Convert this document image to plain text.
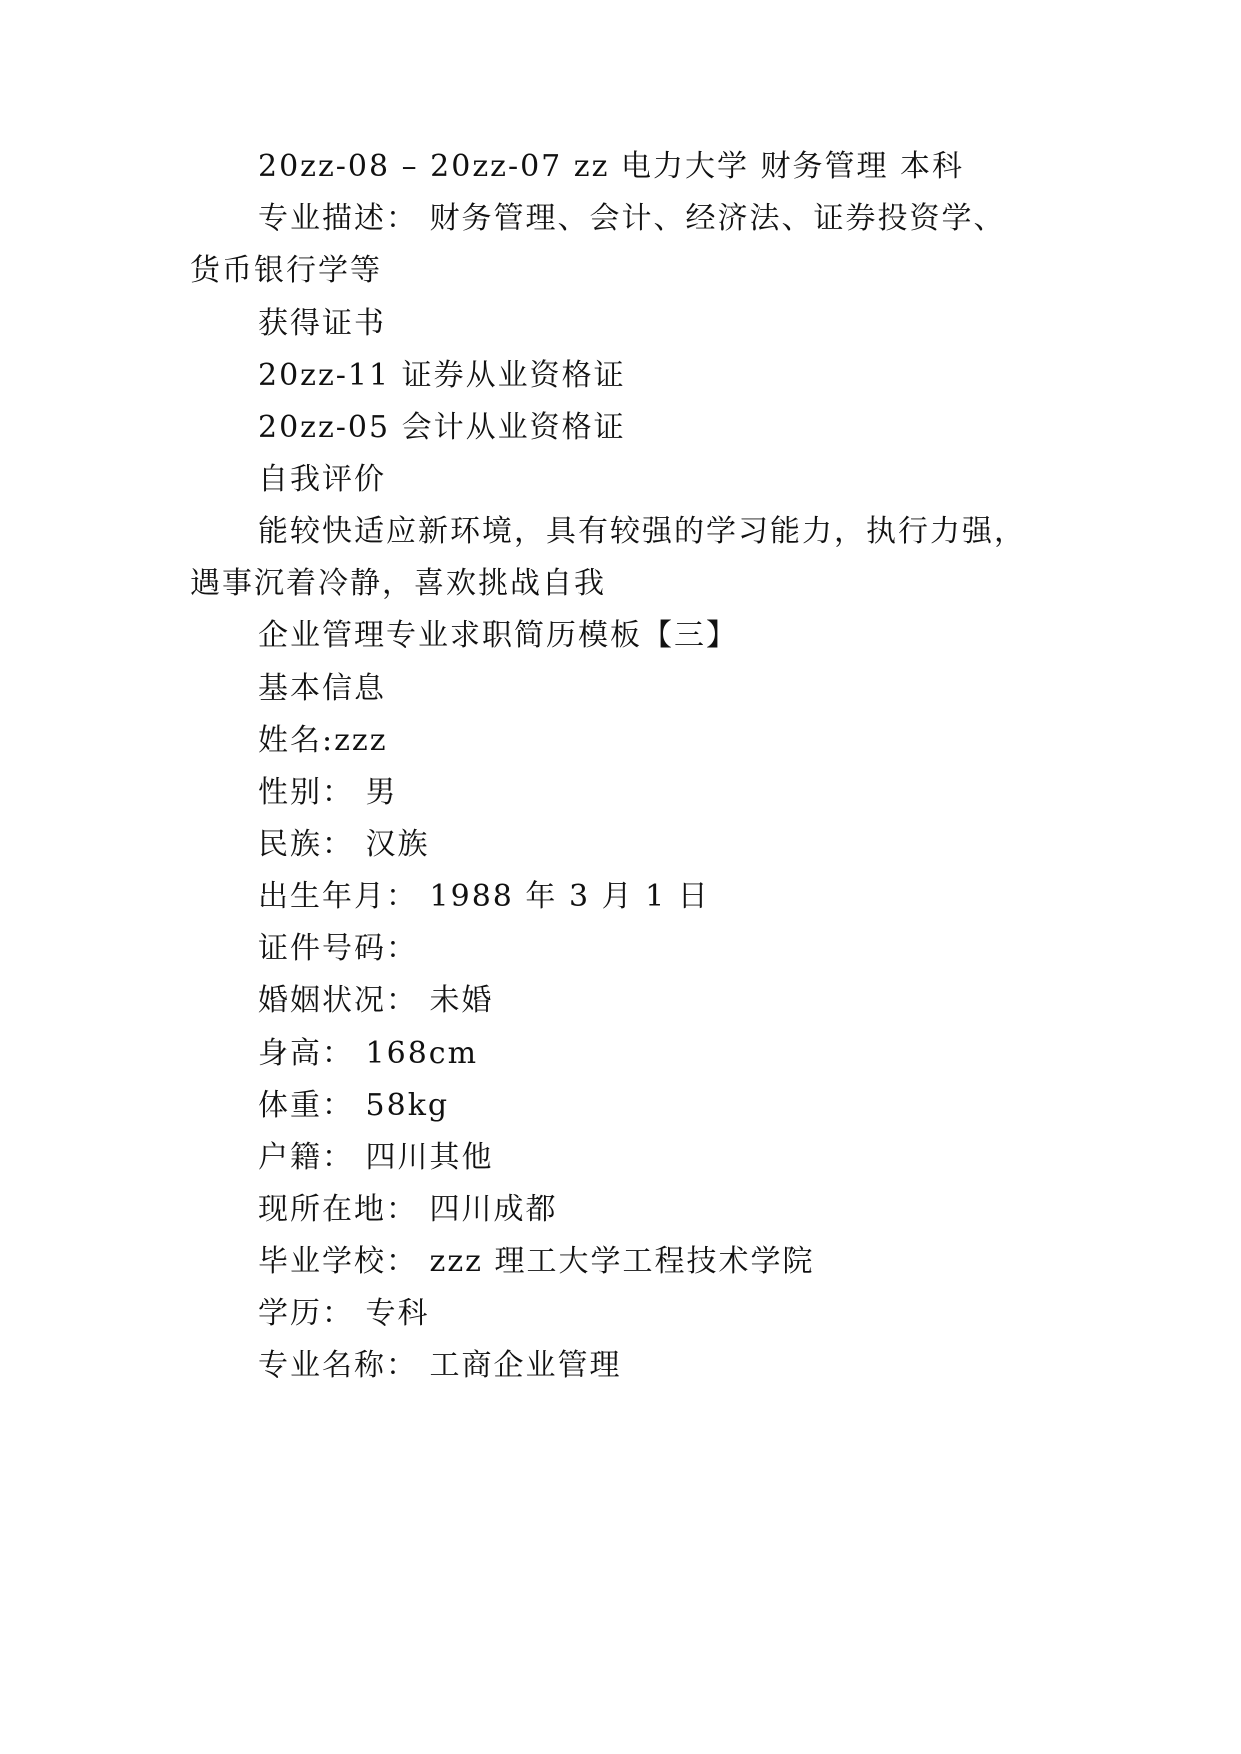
20zz-08 – 20zz-07 zz 电力大学 财务管理 本科
专业描述： 财务管理、会计、经济法、证券投资学、
货币银行学等
获得证书
20zz-11 证券从业资格证
20zz-05 会计从业资格证
自我评价
能较快适应新环境，具有较强的学习能力，执行力强，
遇事沉着冷静，喜欢挑战自我
企业管理专业求职简历模板【三】
基本信息
姓名:zzz
性别： 男
民族： 汉族
出生年月： 1988 年 3 月 1 日
证件号码：
婚姻状况： 未婚
身高： 168cm
体重： 58kg
户籍： 四川其他
现所在地： 四川成都
毕业学校： zzz 理工大学工程技术学院
学历： 专科
专业名称： 工商企业管理
